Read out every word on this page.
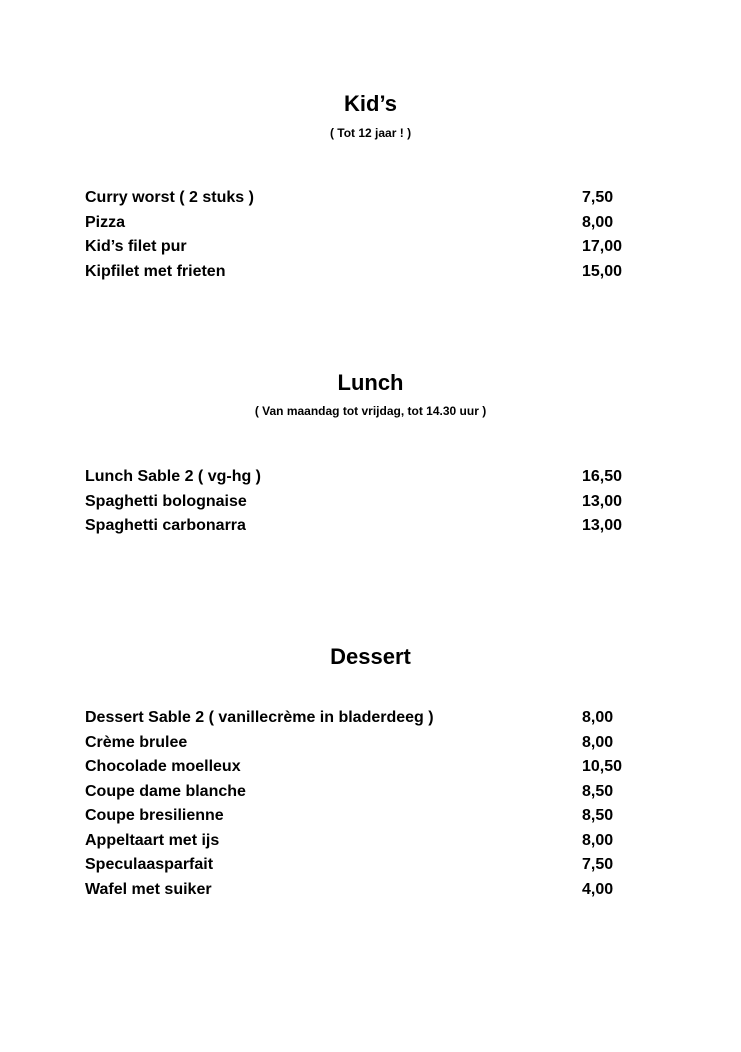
Kid’s
( Tot 12 jaar ! )
Curry worst ( 2 stuks )	7,50
Pizza	8,00
Kid’s filet pur	17,00
Kipfilet met frieten	15,00
Lunch
( Van maandag tot vrijdag, tot 14.30 uur )
Lunch Sable 2 ( vg-hg )	16,50
Spaghetti bolognaise	13,00
Spaghetti carbonarra	13,00
Dessert
Dessert Sable 2 ( vanillecrème in bladerdeeg )	8,00
Crème brulee	8,00
Chocolade moelleux	10,50
Coupe dame blanche	8,50
Coupe bresilienne	8,50
Appeltaart met ijs	8,00
Speculaasparfait	7,50
Wafel met suiker	4,00
